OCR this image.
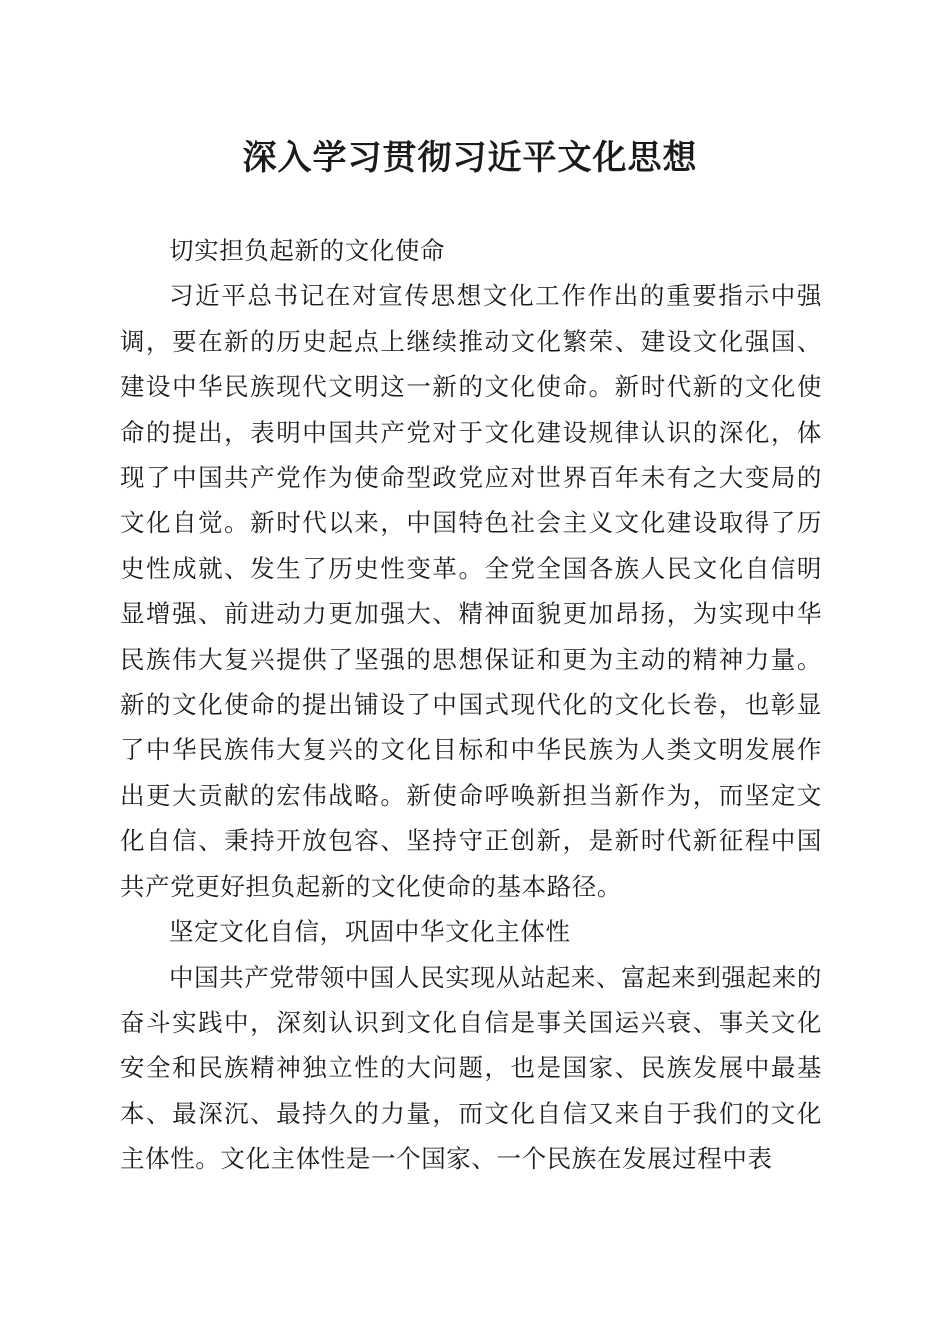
深入学习贯彻习近平文化思想

切实担负起新的文化使命

习近平总书记在对宣传思想文化工作作出的重要指示中强调，要在新的历史起点上继续推动文化繁荣、建设文化强国、建设中华民族现代文明这一新的文化使命。新时代新的文化使命的提出，表明中国共产党对于文化建设规律认识的深化，体现了中国共产党作为使命型政党应对世界百年未有之大变局的文化自觉。新时代以来，中国特色社会主义文化建设取得了历史性成就、发生了历史性变革。全党全国各族人民文化自信明显增强、前进动力更加强大、精神面貌更加昂扬，为实现中华民族伟大复兴提供了坚强的思想保证和更为主动的精神力量。新的文化使命的提出铺设了中国式现代化的文化长卷，也彰显了中华民族伟大复兴的文化目标和中华民族为人类文明发展作出更大贡献的宏伟战略。新使命呼唤新担当新作为，而坚定文化自信、秉持开放包容、坚持守正创新，是新时代新征程中国共产党更好担负起新的文化使命的基本路径。

坚定文化自信，巩固中华文化主体性

中国共产党带领中国人民实现从站起来、富起来到强起来的奋斗实践中，深刻认识到文化自信是事关国运兴衰、事关文化安全和民族精神独立性的大问题，也是国家、民族发展中最基本、最深沉、最持久的力量，而文化自信又来自于我们的文化主体性。文化主体性是一个国家、一个民族在发展过程中表
